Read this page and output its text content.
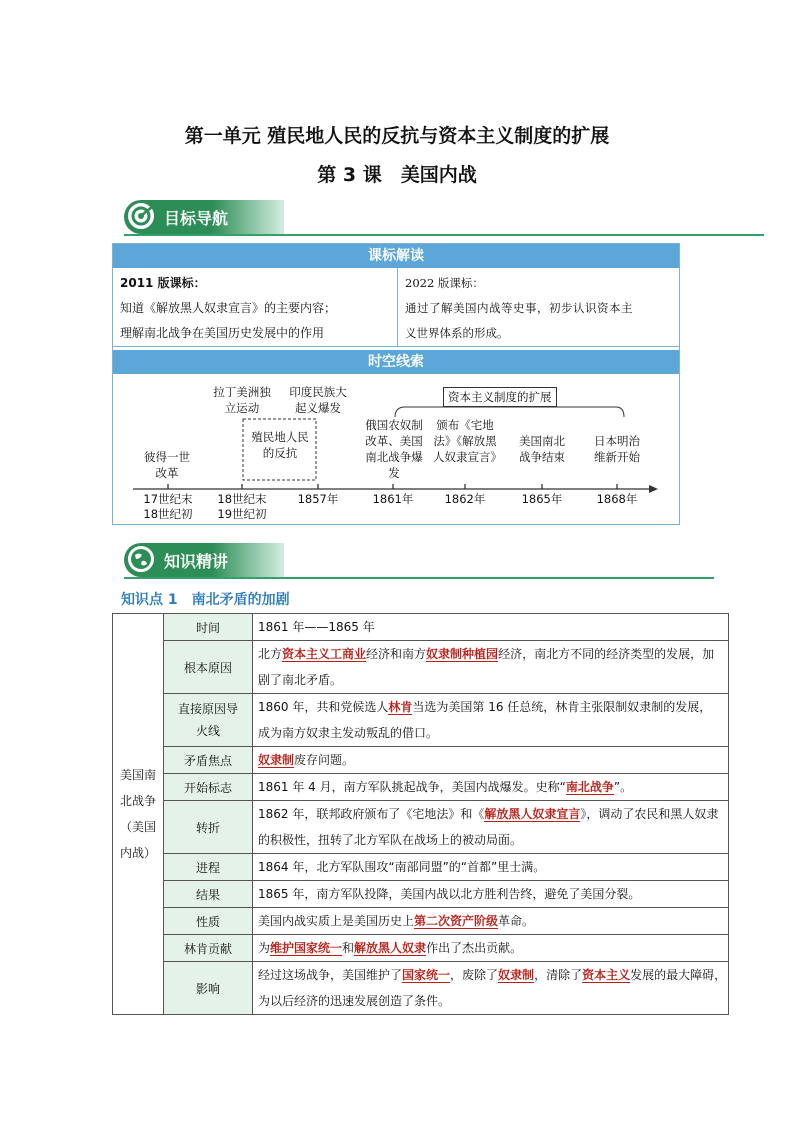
第一单元 殖民地人民的反抗与资本主义制度的扩展
第 3 课　美国内战
目标导航
课标解读
2011 版课标：
知道《解放黑人奴隶宣言》的主要内容；
理解南北战争在美国历史发展中的作用
2022 版课标：
通过了解美国内战等史事，初步认识资本主
义世界体系的形成。
时空线索
资本主义制度的扩展
殖民地人民的反抗
彼得一世改革
拉丁美洲独立运动
印度民族大起义爆发
俄国农奴制改革、美国南北战争爆发
颁布《宅地法》《解放黑人奴隶宣言》
美国南北战争结束
日本明治维新开始
17世纪末
18世纪初
18世纪末
19世纪初
1857年	1861年	1862年	1865年	1868年
知识精讲
知识点 1　南北矛盾的加剧
美国南北战争（美国内战）	时间	1861 年——1865 年
	根本原因	北方资本主义工商业经济和南方奴隶制种植园经济，南北方不同的经济类型的发展，加剧了南北矛盾。
	直接原因导火线	1860 年，共和党候选人林肯当选为美国第 16 任总统，林肯主张限制奴隶制的发展，成为南方奴隶主发动叛乱的借口。
	矛盾焦点	奴隶制废存问题。
	开始标志	1861 年 4 月，南方军队挑起战争，美国内战爆发。史称“南北战争”。
	转折	1862 年，联邦政府颁布了《宅地法》和《解放黑人奴隶宣言》，调动了农民和黑人奴隶的积极性，扭转了北方军队在战场上的被动局面。
	进程	1864 年，北方军队围攻“南部同盟”的“首都”里士满。
	结果	1865 年，南方军队投降，美国内战以北方胜利告终，避免了美国分裂。
	性质	美国内战实质上是美国历史上第二次资产阶级革命。
	林肯贡献	为维护国家统一和解放黑人奴隶作出了杰出贡献。
	影响	经过这场战争，美国维护了国家统一，废除了奴隶制，清除了资本主义发展的最大障碍，　为以后经济的迅速发展创造了条件。
